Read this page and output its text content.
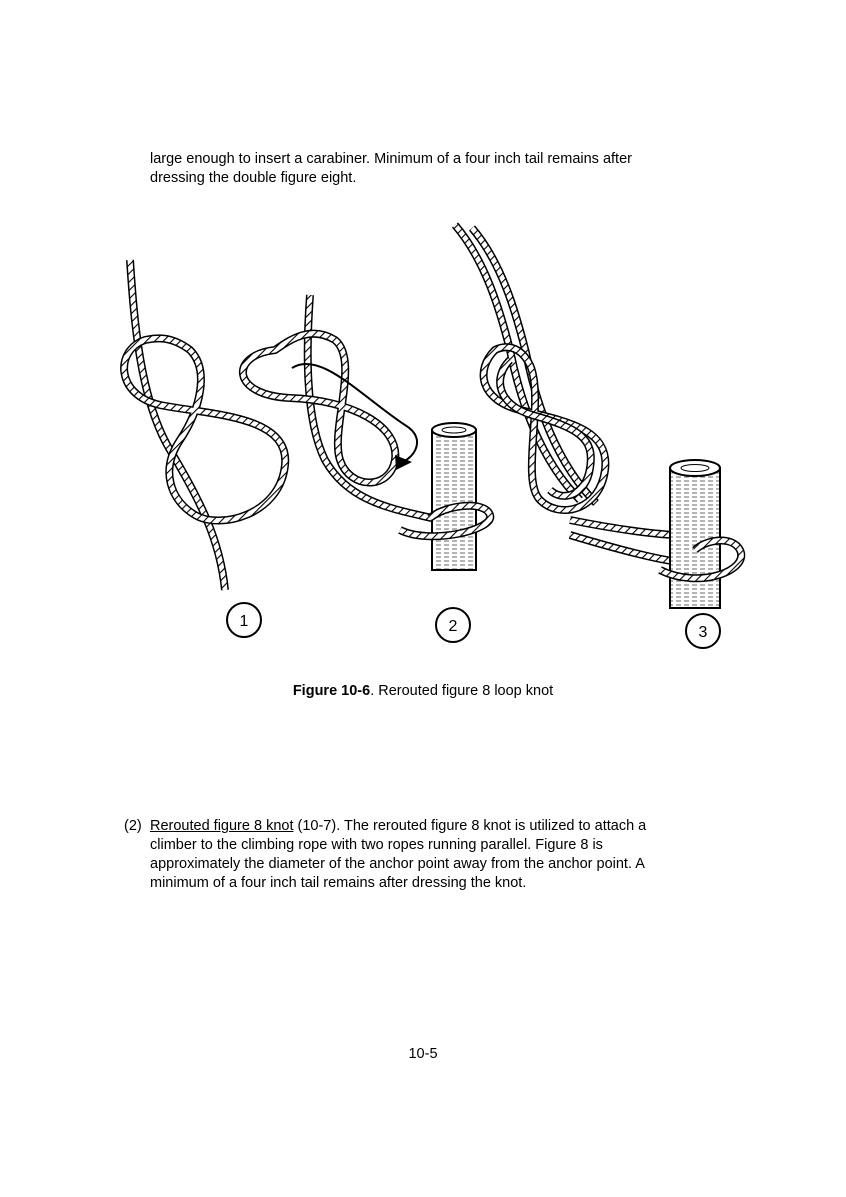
large enough to insert a carabiner. Minimum of a four inch tail remains after
dressing the double figure eight.
1	2	3
Figure 10-6. Rerouted figure 8 loop knot
(2) Rerouted figure 8 knot (10-7). The rerouted figure 8 knot is utilized to attach a
climber to the climbing rope with two ropes running parallel. Figure 8 is
approximately the diameter of the anchor point away from the anchor point. A
minimum of a four inch tail remains after dressing the knot.
10-5
